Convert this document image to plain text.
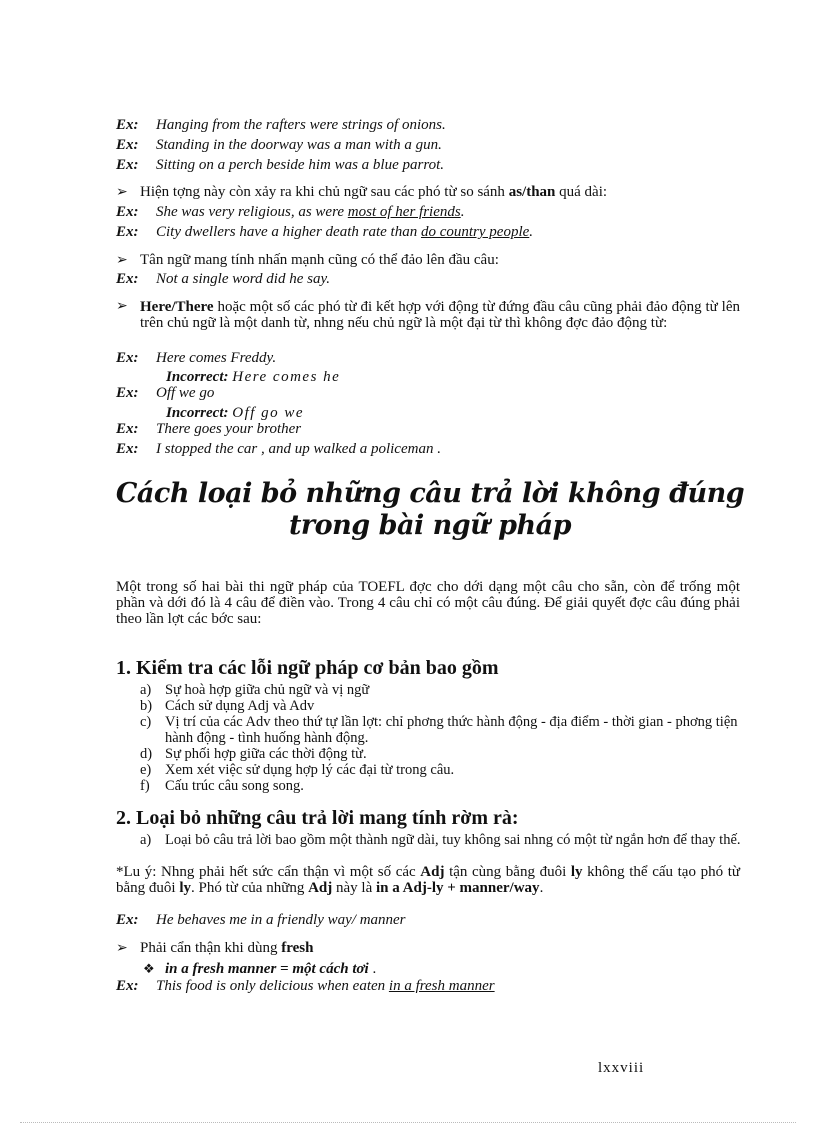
Ex: Hanging from the rafters were strings of onions.
Ex: Standing in the doorway was a man with a gun.
Ex: Sitting on a perch beside him was a blue parrot.
➢ Hiện tợng này còn xảy ra khi chủ ngữ sau các phó từ so sánh as/than quá dài:
Ex: She was very religious, as were most of her friends.
Ex: City dwellers have a higher death rate than do country people.
➢ Tân ngữ mang tính nhấn mạnh cũng có thể đảo lên đầu câu:
Ex: Not a single word did he say.
➢ Here/There hoặc một số các phó từ đi kết hợp với động từ đứng đầu câu cũng phải đảo động từ lên trên chủ ngữ là một danh từ, nhng nếu chủ ngữ là một đại từ thì không đợc đảo động từ:
Ex: Here comes Freddy.
Incorrect: Here comes he
Ex: Off we go
Incorrect: Off go we
Ex: There goes your brother
Ex: I stopped the car , and up walked a policeman .
Cách loại bỏ những câu trả lời không đúng
trong bài ngữ pháp
Một trong số hai bài thi ngữ pháp của TOEFL đợc cho dới dạng một câu cho sẵn, còn để trống một phần và dới đó là 4 câu để điền vào. Trong 4 câu chỉ có một câu đúng. Để giải quyết đợc câu đúng phải theo lần lợt các bớc sau:
1. Kiểm tra các lỗi ngữ pháp cơ bản bao gồm
a) Sự hoà hợp giữa chủ ngữ và vị ngữ
b) Cách sử dụng Adj và Adv
c) Vị trí của các Adv theo thứ tự lần lợt: chỉ phơng thức hành động - địa điểm - thời gian - phơng tiện hành động - tình huống hành động.
d) Sự phối hợp giữa các thời động từ.
e) Xem xét việc sử dụng hợp lý các đại từ trong câu.
f)	Cấu trúc câu song song.
2. Loại bỏ những câu trả lời mang tính rờm rà:
a) Loại bỏ câu trả lời bao gồm một thành ngữ dài, tuy không sai nhng có một từ ngắn hơn để thay thế.
*Lu ý: Nhng phải hết sức cẩn thận vì một số các Adj tận cùng bằng đuôi ly không thể cấu tạo phó từ bằng đuôi ly. Phó từ của những Adj này là in a Adj-ly + manner/way.
Ex: He behaves me in a friendly way/ manner
➢ Phải cẩn thận khi dùng fresh
❖ in a fresh manner = một cách tơi .
Ex: This food is only delicious when eaten in a fresh manner
lxxviii
